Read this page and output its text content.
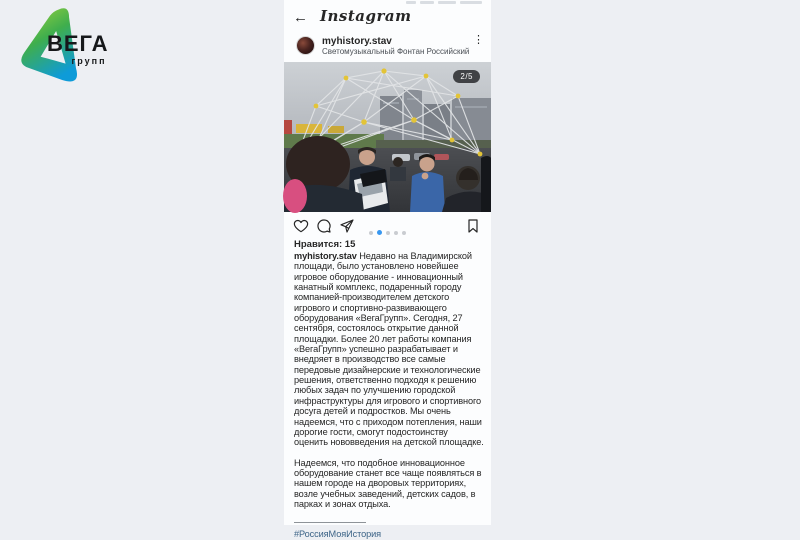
ВЕГА
групп
← Instagram
myhistory.stav
Светомузыкальный Фонтан Российский
⋮
2/5
Нравится: 15
myhistory.stav Недавно на Владимирской площади, было установлено новейшее игровое оборудование - инновационный канатный комплекс, подаренный городу компанией-производителем детского игрового и спортивно-развивающего оборудования «ВегаГрупп». Сегодня, 27 сентября, состоялось открытие данной площадки. Более 20 лет работы компания «ВегаГрупп» успешно разрабатывает и внедряет в производство все самые передовые дизайнерские и технологические решения, ответственно подходя к решению любых задач по улучшению городской инфраструктуры для игрового и спортивного досуга детей и подростков. Мы очень надеемся, что с приходом потепления, наши дорогие гости, смогут подостоинству оценить нововведения на детской площадке.
Надеемся, что подобное инновационное оборудование станет все чаще появляться в нашем городе на дворовых территориях, возле учебных заведений, детских садов, в парках и зонах отдыха.
#РоссияМояИстория
